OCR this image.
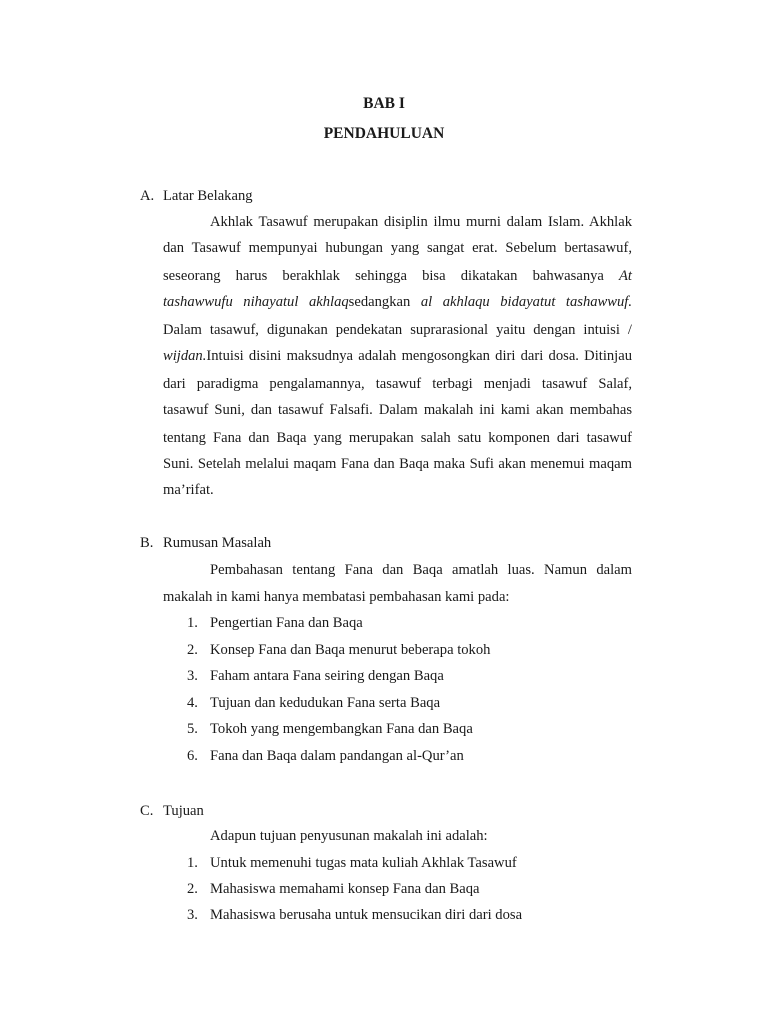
BAB I
PENDAHULUAN
A. Latar Belakang
Akhlak Tasawuf merupakan disiplin ilmu murni dalam Islam. Akhlak
dan Tasawuf mempunyai hubungan yang sangat erat. Sebelum bertasawuf,
seseorang harus berakhlak sehingga bisa dikatakan bahwasanya At
tashawwufu nihayatul akhlaqsedangkan al akhlaqu bidayatut tashawwuf.
Dalam tasawuf, digunakan pendekatan suprarasional yaitu dengan intuisi /
wijdan.Intuisi disini maksudnya adalah mengosongkan diri dari dosa. Ditinjau
dari paradigma pengalamannya, tasawuf terbagi menjadi tasawuf Salaf,
tasawuf Suni, dan tasawuf Falsafi. Dalam makalah ini kami akan membahas
tentang Fana dan Baqa yang merupakan salah satu komponen dari tasawuf
Suni. Setelah melalui maqam Fana dan Baqa maka Sufi akan menemui maqam
ma’rifat.
B. Rumusan Masalah
Pembahasan tentang Fana dan Baqa amatlah luas. Namun dalam
makalah in kami hanya membatasi pembahasan kami pada:
1. Pengertian Fana dan Baqa
2. Konsep Fana dan Baqa menurut beberapa tokoh
3. Faham antara Fana seiring dengan Baqa
4. Tujuan dan kedudukan Fana serta Baqa
5. Tokoh yang mengembangkan Fana dan Baqa
6. Fana dan Baqa dalam pandangan al-Qur’an
C. Tujuan
Adapun tujuan penyusunan makalah ini adalah:
1. Untuk memenuhi tugas mata kuliah Akhlak Tasawuf
2. Mahasiswa memahami konsep Fana dan Baqa
3. Mahasiswa berusaha untuk mensucikan diri dari dosa
